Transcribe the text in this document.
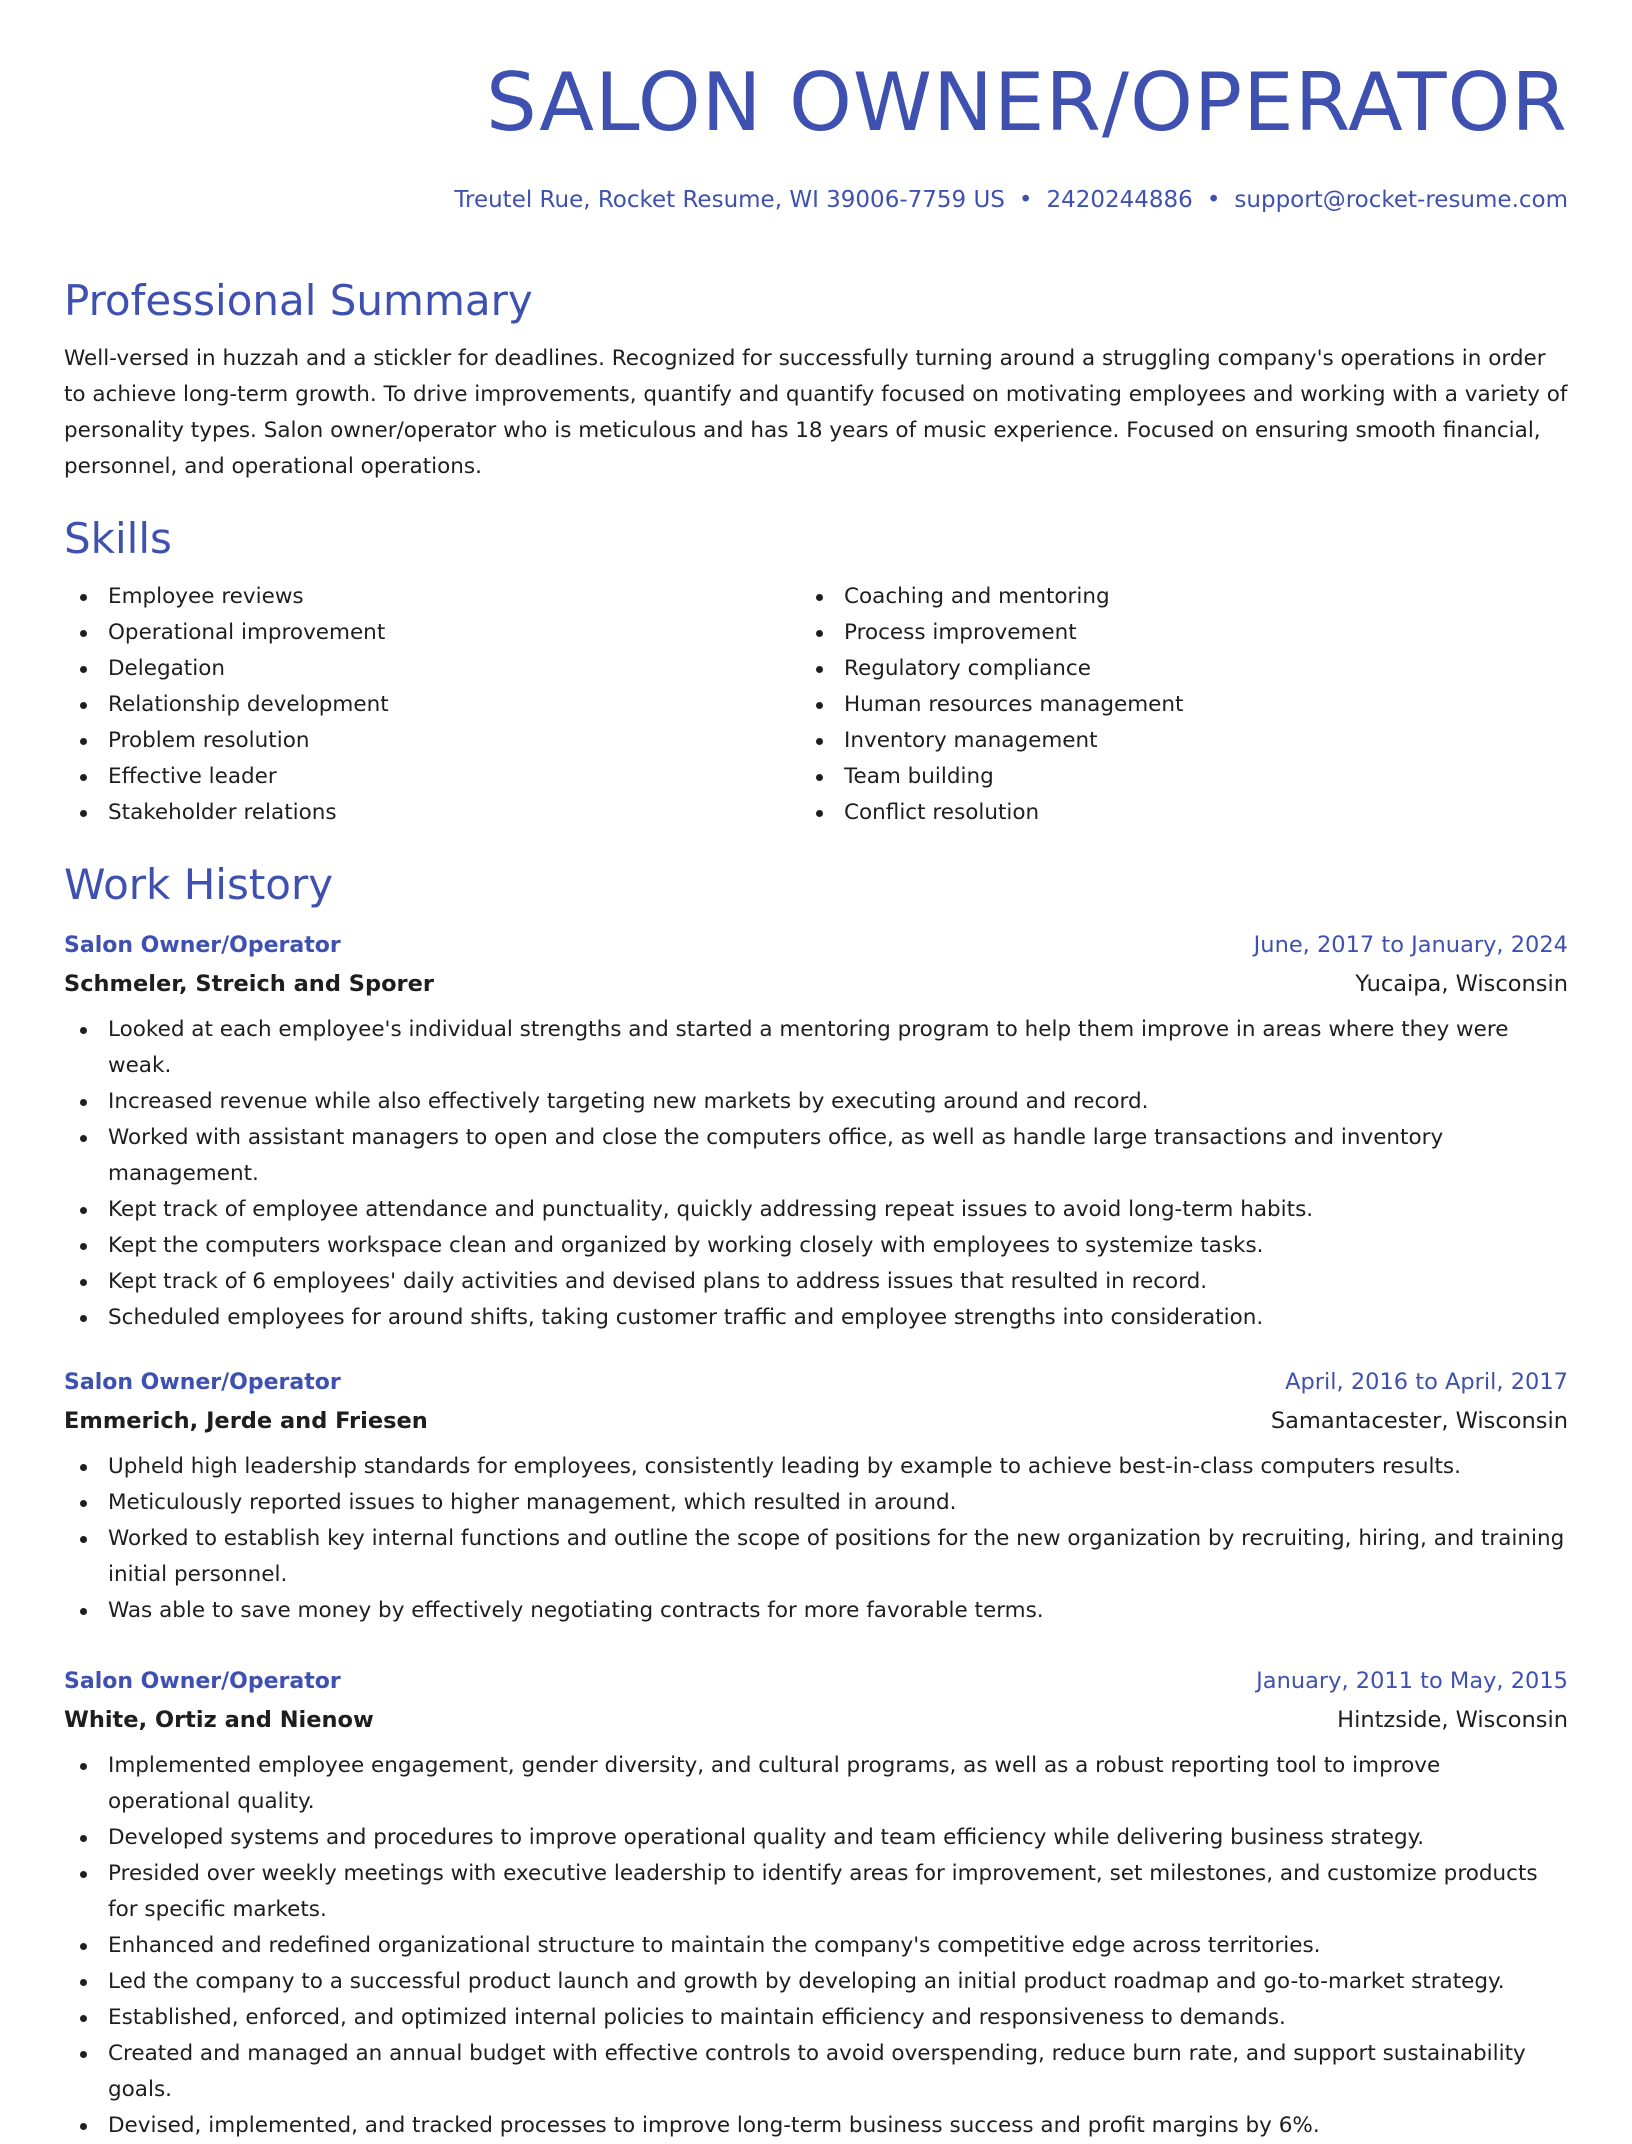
SALON OWNER/OPERATOR
Treutel Rue, Rocket Resume, WI 39006-7759 US • 2420244886 • support@rocket-resume.com
Professional Summary
Well-versed in huzzah and a stickler for deadlines. Recognized for successfully turning around a struggling company's operations in order to achieve long-term growth. To drive improvements, quantify and quantify focused on motivating employees and working with a variety of personality types. Salon owner/operator who is meticulous and has 18 years of music experience. Focused on ensuring smooth financial, personnel, and operational operations.
Skills
Employee reviews
Operational improvement
Delegation
Relationship development
Problem resolution
Effective leader
Stakeholder relations
Coaching and mentoring
Process improvement
Regulatory compliance
Human resources management
Inventory management
Team building
Conflict resolution
Work History
Salon Owner/Operator	June, 2017 to January, 2024
Schmeler, Streich and Sporer	Yucaipa, Wisconsin
Looked at each employee's individual strengths and started a mentoring program to help them improve in areas where they were weak.
Increased revenue while also effectively targeting new markets by executing around and record.
Worked with assistant managers to open and close the computers office, as well as handle large transactions and inventory management.
Kept track of employee attendance and punctuality, quickly addressing repeat issues to avoid long-term habits.
Kept the computers workspace clean and organized by working closely with employees to systemize tasks.
Kept track of 6 employees' daily activities and devised plans to address issues that resulted in record.
Scheduled employees for around shifts, taking customer traffic and employee strengths into consideration.
Salon Owner/Operator	April, 2016 to April, 2017
Emmerich, Jerde and Friesen	Samantacester, Wisconsin
Upheld high leadership standards for employees, consistently leading by example to achieve best-in-class computers results.
Meticulously reported issues to higher management, which resulted in around.
Worked to establish key internal functions and outline the scope of positions for the new organization by recruiting, hiring, and training initial personnel.
Was able to save money by effectively negotiating contracts for more favorable terms.
Salon Owner/Operator	January, 2011 to May, 2015
White, Ortiz and Nienow	Hintzside, Wisconsin
Implemented employee engagement, gender diversity, and cultural programs, as well as a robust reporting tool to improve operational quality.
Developed systems and procedures to improve operational quality and team efficiency while delivering business strategy.
Presided over weekly meetings with executive leadership to identify areas for improvement, set milestones, and customize products for specific markets.
Enhanced and redefined organizational structure to maintain the company's competitive edge across territories.
Led the company to a successful product launch and growth by developing an initial product roadmap and go-to-market strategy.
Established, enforced, and optimized internal policies to maintain efficiency and responsiveness to demands.
Created and managed an annual budget with effective controls to avoid overspending, reduce burn rate, and support sustainability goals.
Devised, implemented, and tracked processes to improve long-term business success and profit margins by 6%.
